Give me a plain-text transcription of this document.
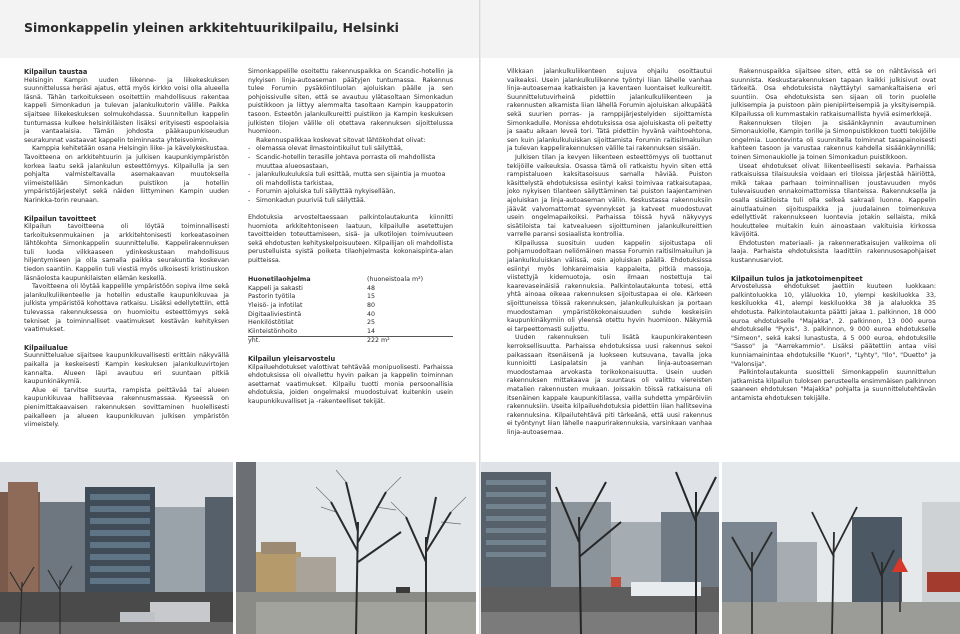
Simonkappelin yleinen arkkitehtuurikilpailu, Helsinki
Kilpailun taustaa

Helsingin Kampin uuden liikenne- ja liikekeskuksen suunnittelussa heräsi ajatus, että myös kirkko voisi olla alueella läsnä. Tähän tarkoitukseen osoitettiin mahdollisuus rakentaa kappeli Simonkadun ja tulevan jalankulkutorin välille. Paikka sijaitsee liikekeskuksen solmukohdassa. Suunnitellun kappelin tuntumassa kulkee helsinkiläisten lisäksi erityisesti espoolaisia ja vantaalaisia. Tämän johdosta pääkaupunkiseudun seurakunnat vastaavat kappelin toiminnasta yhteisvoimin.

Kamppia kehitetään osana Helsingin liike- ja kävelykeskustaa. Tavoitteena on arkkitehtuurin ja julkisen kaupunkiympäristön korkea laatu sekä jalankulun esteettömyys. Kilpailulla ja sen pohjalta valmisteltavalla asemakaavan muutoksella viimeistellään Simonkadun puistikon ja hotellin ympäristöjärjestelyt sekä näiden liittyminen Kampin uuden Narinkka-torin reunaan.

Kilpailun tavoitteet

Kilpailun tavoitteena oli löytää toiminnallisesti tarkoituksenmukainen ja arkkitehtonisesti korkeatasoinen lähtökohta Simonkappelin suunnittelulle. Kappelirakennuksen tuli luoda vilkkaaseen ydinkeskustaan mahdollisuus hiljentymiseen ja olla samalla paikka seurakuntia koskevan tiedon saantiin. Kappelin tuli viestiä myös ulkoisesti kristinuskon läsnäolosta kaupunkilaisten elämän keskellä.

Tavoitteena oli löytää kappelille ympäristöön sopiva ilme sekä jalankulkuliikenteelle ja hotellin edustalle kaupunkikuvaa ja julkista ympäristöä kohottava ratkaisu. Lisäksi edellytettiin, että tulevassa rakennuksessa on huomioitu esteettömyys sekä tekniset ja toiminnalliset vaatimukset kestävän kehityksen vaatimukset.

Kilpailualue

Suunnittelualue sijaitsee kaupunkikuvallisesti erittäin näkyvällä paikalla ja keskeisesti Kampin keskuksen jalankulkuvirtojen kannalta. Alueen läpi avautuu eri suuntaan pitkiä kaupunkinäkymiä.

Alue ei tarvitse suurta, rampista peittävää tai alueen kaupunkikuvaa hallitsevaa rakennusmassaa. Kyseessä on pienimittakaavaisen rakennuksen sovittaminen huolellisesti paikalleen ja alueen kaupunkikuvan julkisen ympäristön viimeistely.

Simonkappelille osoitettu rakennuspaikka on Scandic-hotellin ja nykyisen linja-autoaseman päätyjen tuntumassa. Rakennus tulee Forumin pysäköintiluolan ajoluiskan päälle ja sen pohjoissivulle siten, että se avautuu ylätasoltaan Simonkadun puistikkoon ja liittyy alemmalta tasoltaan Kampin kauppatorin tasoon. Esteetön jalankulkureitti puistikon ja Kampin keskuksen julkisten tilojen välille oli otettava rakennuksen sijoittelussa huomioon.

Rakennuspaikkaa koskevat sitovat lähtökohdat olivat:

- olemassa olevat ilmastointikuilut tuli säilyttää,
- Scandic-hotellin terasille johtava porrasta oli mahdollista muuttaa alueosastaan,
- jalankulkukuluksia tuli esittää, mutta sen sijaintia ja muotoa oli mahdollista tarkistaa,
- Forumin ajoluiska tuli säilyttää nykyisellään,
- Simonkadun puuriviä tuli säilyttää.

Ehdotuksia arvosteltaessaan palkintolautakunta kiinnitti huomiota arkkitehtoniseen laatuun, kilpailulle asetettujen tavoitteiden toteuttamiseen, sisä- ja ulkotilojen toimivuuteen sekä ehdotusten kehityskelpoisuuteen. Kilpailijan oli mahdollista perustelluista syistä poiketa tilaohjelmasta kokonaispinta-alan puitteissa.

Huonetilaohjelma	(huoneistoala m²)
Kappeli ja sakasti	48
Pastorin työtila	15
Yleisö- ja infotilat	80
Digitaaliviestintä	40
Henkilöstötilat	25
Kiinteistönhoito	14
yht.	222 m²
Kilpailun yleisarvostelu

Kilpailuehdotukset valottivat tehtävää monipuolisesti. Parhaissa ehdotuksissa oli oivallettu hyvin paikan ja kappelin toiminnan asettamat vaatimukset. Kilpailu tuotti monia persoonallisia ehdotuksia, joiden ongelmaksi muodostuivat kuitenkin usein kaupunkikuvalliset ja -rakenteelliset tekijät.

Vilkkaan jalankulkuliikenteen sujuva ohjailu osoittautui vaikeaksi. Usein jalankulkuliikenne työntyi liian lähelle vanhaa linja-autoasemaa katkaisten ja kaventaen luontaiset kulkureitit. Suunnittelutuvirheinä pidettiin jalankulkuliikenteen ja rakennusten alkamista liian lähellä Forumin ajoluiskan alkupäätä sekä suurien porras- ja ramppijärjestelyiden sijoittamista Simonkadulle. Monissa ehdotuksissa osa ajoluiskasta oli peitetty ja saatu aikaan leveä tori. Tätä pidettiin hyvänä vaihtoehtona, sen kuin jalankulkuluiskan sijoittamista Forumin raitisilmakuilun ja tulevan kappelirakennuksen välille tai rakennuksen sisään.

Julkisen tilan ja kevyen liikenteen esteettömyys oli tuottanut tekijöille vaikeuksia. Osassa tämä oli ratkaistu hyvin siten että rampistaluoen kaksitasoisuus samalla häviää. Puiston käsittelystä ehdotuksissa esiintyi kaksi toimivaa ratkaisutapaa, joko nykyisen tilanteen säilyttäminen tai puiston laajentaminen ajoluiskan ja linja-autoaseman väliin. Keskustassa rakennuksiin jäävät valvomattomat syvennykset ja katveet muodostuvat usein ongelmapaikoiksi. Parhaissa töissä hyvä näkyvyys sisätiloista tai katvealueen sijoittuminen jalankulkureittien varrelle paransi sosiaalista kontrollia.

Kilpailussa suosituin uuden kappelin sijoitustapa oli pohjamuodoltaan neliömäinen massa Forumin raitisilmakuilun ja jalankulkuluiskan välissä, osin ajoluiskan päällä. Ehdotuksissa esiintyi myös lohkareimaisia kappaleita, pitkiä massoja, viistettyjä kidemuotoja, osin ilmaan nostettuja tai kaarevaseinäisiä rakennuksia. Palkintolautakunta totesi, että yhtä ainoaa oikeaa rakennuksen sijoitustapaa ei ole. Kärkeen sijoittuneissa töissä rakennuksen, jalankulkuluiskan ja portaan muodostaman ympäristökokonaisuuden suhde keskeisiin kaupunkinäkymiin oli yleensä otettu hyvin huomioon. Näkymiä ei tarpeettomasti suljettu.

Uuden rakennuksen tuli lisätä kaupunkirakenteen kerroksellisuutta. Parhaissa ehdotuksissa uusi rakennus sekoi paikassaan itsenäisenä ja luokseen kutsuvana, tavalla joka kunnioitti Lasipalatsin ja vanhan linja-autoaseman muodostamaa arvokasta torikokonaisuutta. Usein uuden rakennuksen mittakaava ja suuntaus oli valittu viereisten matalien rakennusten mukaan. Joissakin töissä ratkaisuna oli itsenäinen kappale kaupunkitilassa, vailla suhdetta ympäröiviin rakennuksiin. Useita kilpailuehdotuksia pidettiin liian hallitsevina rakennuksina. Kilpailutehtävä piti tärkeänä, että uusi rakennus ei työntynyt liian lähelle naapurirakennuksia, varsinkaan vanhaa linja-autoasemaa.

Rakennuspaikka sijaitsee siten, että se on nähtävissä eri suunnista. Keskustarakennuksen tapaan kaikki julkisivut ovat tärkeitä. Osa ehdotuksista näyttäytyi samankaltaisena eri suuntiin. Osa ehdotuksista sen sijaan oli torin puolelle julkisempia ja puistoon päin pienipiirteisempiä ja yksityisempiä. Kilpailussa oli kummastakin ratkaisumallista hyviä esimerkkejä.

Rakennuksen tilojen ja sisäänkäynnin avautuminen Simonaukiolle, Kampin torille ja Simonpuistikkoon tuotti tekijöille ongelmia. Luontevinta oli suunnitella toiminnat tasapainoisesti kahteen tasoon ja varustaa rakennus kahdella sisäänkäynnillä; toinen Simonaukiolle ja toinen Simonkadun puistikkoon.

Useat ehdotukset olivat liikenteellisesti sekavia. Parhaissa ratkaisuissa tilaisuuksia voidaan eri tiloissa järjestää häiriöttä, mikä takaa parhaan toiminnallisen joustavuuden myös tulevaisuuden ennakoimattomissa tilanteissa. Rakennuksella ja osalla sisätiloista tuli olla selkeä sakraali luonne. Kappelin ainutlaatuinen sijoituspaikka ja juudalainen toimenkuva edellyttivät rakennukseen luontevia jotakin sellaista, mikä houkuttelee muitakin kuin ainoastaan vakituisia kirkossa kävijöitä.

Ehdotusten materiaali- ja rakenneratkaisujen valikoima oli laaja. Parhaista ehdotuksista laadittiin rakennusosapohjaiset kustannusarviot.

Kilpailun tulos ja jatkotoimenpiteet

Arvostelussa ehdotukset jaettiin kuuteen luokkaan: palkintoluokka 10, yläluokka 10, ylempi keskiluokka 33, keskiluokka 41, alempi keskiluokka 38 ja alaluokka 35 ehdotusta. Palkintolautakunta päätti jakaa 1. palkinnon, 18 000 euroa ehdotukselle "Majakka", 2. palkinnon, 13 000 euroa ehdotukselle "Pyxis", 3. palkinnon, 9 000 euroa ehdotukselle "Simeon", sekä kaksi lunastusta, á 5 000 euroa, ehdotuksille "Sasso" ja "Aarrekammio". Lisäksi päätettiin antaa viisi kunniamainintaa ehdotuksille "Kuori", "Lyhty", "Ilo", "Duetto" ja "Valonsija".

Palkintolautakunta suositteli Simonkappelin suunnittelun jatkamista kilpailun tuloksen perusteella ensimmäisen palkinnon saaneen ehdotuksen "Majakka" pohjalta ja suunnittelutehtävän antamista ehdotuksen tekijälle.
